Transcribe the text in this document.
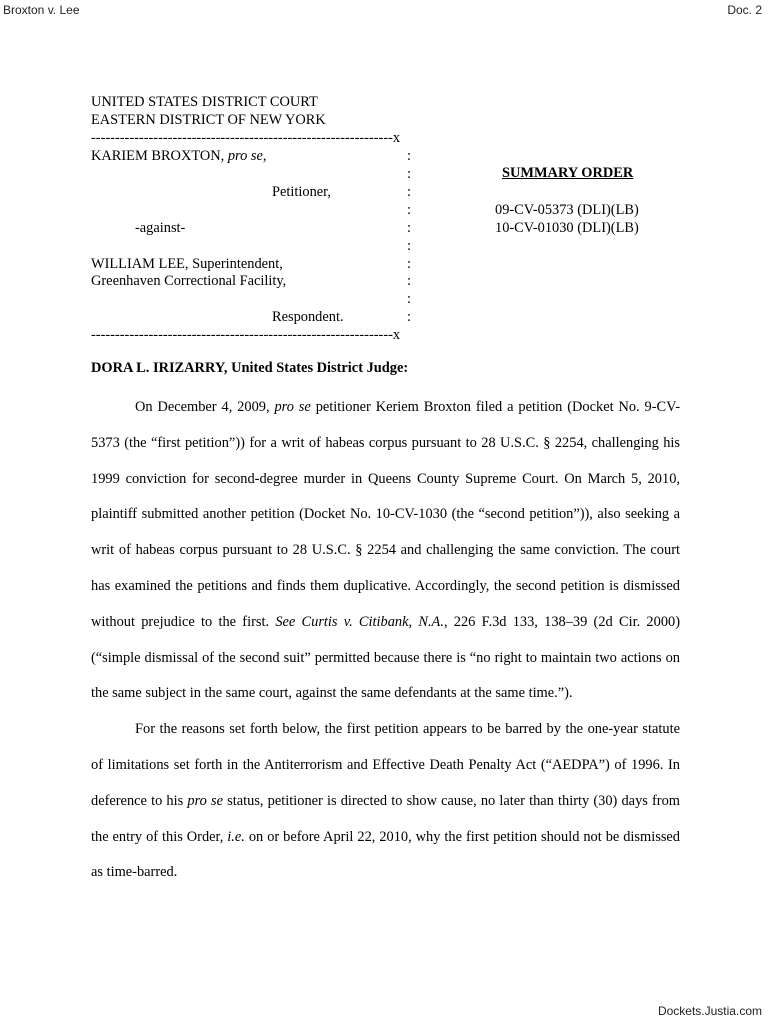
Broxton v. Lee	Doc. 2
UNITED STATES DISTRICT COURT
EASTERN DISTRICT OF NEW YORK
---------------------------------------------------------------x
KARIEM BROXTON, pro se,
Petitioner,
-against-
WILLIAM LEE, Superintendent,
Greenhaven Correctional Facility,
Respondent.
---------------------------------------------------------------x
:
:
:
:
:
:
:
:
:
:
SUMMARY ORDER
09-CV-05373 (DLI)(LB)
10-CV-01030 (DLI)(LB)
DORA L. IRIZARRY, United States District Judge:

On December 4, 2009, pro se petitioner Keriem Broxton filed a petition (Docket No. 9-CV-5373 (the “first petition”)) for a writ of habeas corpus pursuant to 28 U.S.C. § 2254, challenging his 1999 conviction for second-degree murder in Queens County Supreme Court. On March 5, 2010, plaintiff submitted another petition (Docket No. 10-CV-1030 (the “second petition”)), also seeking a writ of habeas corpus pursuant to 28 U.S.C. § 2254 and challenging the same conviction. The court has examined the petitions and finds them duplicative. Accordingly, the second petition is dismissed without prejudice to the first. See Curtis v. Citibank, N.A., 226 F.3d 133, 138–39 (2d Cir. 2000) (“simple dismissal of the second suit” permitted because there is “no right to maintain two actions on the same subject in the same court, against the same defendants at the same time.”).

For the reasons set forth below, the first petition appears to be barred by the one-year statute of limitations set forth in the Antiterrorism and Effective Death Penalty Act (“AEDPA”) of 1996. In deference to his pro se status, petitioner is directed to show cause, no later than thirty (30) days from the entry of this Order, i.e. on or before April 22, 2010, why the first petition should not be dismissed as time-barred.

Dockets.Justia.com
